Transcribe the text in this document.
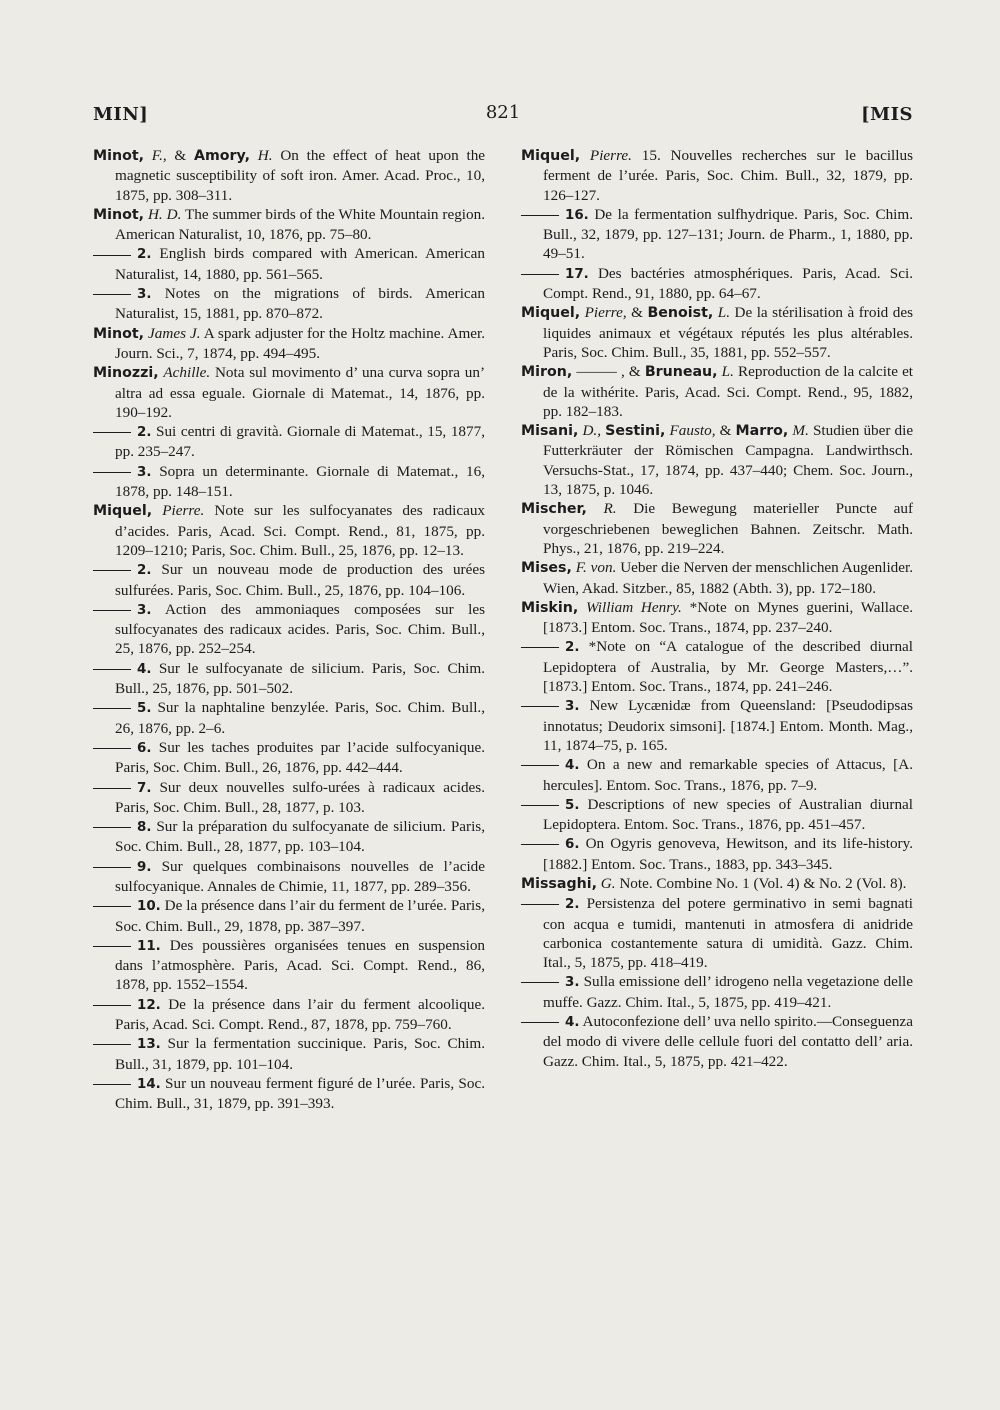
MIN]	821	[MIS

Minot, F., & Amory, H. On the effect of heat upon the magnetic susceptibility of soft iron. Amer. Acad. Proc., 10, 1875, pp. 308–311.

Minot, H. D. The summer birds of the White Mountain region. American Naturalist, 10, 1876, pp. 75–80.

2. English birds compared with American. American Naturalist, 14, 1880, pp. 561–565.

3. Notes on the migrations of birds. American Naturalist, 15, 1881, pp. 870–872.

Minot, James J. A spark adjuster for the Holtz machine. Amer. Journ. Sci., 7, 1874, pp. 494–495.

Minozzi, Achille. Nota sul movimento d’ una curva sopra un’ altra ad essa eguale. Giornale di Matemat., 14, 1876, pp. 190–192.

2. Sui centri di gravità. Giornale di Matemat., 15, 1877, pp. 235–247.

3. Sopra un determinante. Giornale di Matemat., 16, 1878, pp. 148–151.

Miquel, Pierre. Note sur les sulfocyanates des radicaux d’acides. Paris, Acad. Sci. Compt. Rend., 81, 1875, pp. 1209–1210; Paris, Soc. Chim. Bull., 25, 1876, pp. 12–13.

2. Sur un nouveau mode de production des urées sulfurées. Paris, Soc. Chim. Bull., 25, 1876, pp. 104–106.

3. Action des ammoniaques composées sur les sulfocyanates des radicaux acides. Paris, Soc. Chim. Bull., 25, 1876, pp. 252–254.

4. Sur le sulfocyanate de silicium. Paris, Soc. Chim. Bull., 25, 1876, pp. 501–502.

5. Sur la naphtaline benzylée. Paris, Soc. Chim. Bull., 26, 1876, pp. 2–6.

6. Sur les taches produites par l’acide sulfocyanique. Paris, Soc. Chim. Bull., 26, 1876, pp. 442–444.

7. Sur deux nouvelles sulfo-urées à radicaux acides. Paris, Soc. Chim. Bull., 28, 1877, p. 103.

8. Sur la préparation du sulfocyanate de silicium. Paris, Soc. Chim. Bull., 28, 1877, pp. 103–104.

9. Sur quelques combinaisons nouvelles de l’acide sulfocyanique. Annales de Chimie, 11, 1877, pp. 289–356.

10. De la présence dans l’air du ferment de l’urée. Paris, Soc. Chim. Bull., 29, 1878, pp. 387–397.

11. Des poussières organisées tenues en suspension dans l’atmosphère. Paris, Acad. Sci. Compt. Rend., 86, 1878, pp. 1552–1554.

12. De la présence dans l’air du ferment alcoolique. Paris, Acad. Sci. Compt. Rend., 87, 1878, pp. 759–760.

13. Sur la fermentation succinique. Paris, Soc. Chim. Bull., 31, 1879, pp. 101–104.

14. Sur un nouveau ferment figuré de l’urée. Paris, Soc. Chim. Bull., 31, 1879, pp. 391–393.

Miquel, Pierre. 15. Nouvelles recherches sur le bacillus ferment de l’urée. Paris, Soc. Chim. Bull., 32, 1879, pp. 126–127.

16. De la fermentation sulfhydrique. Paris, Soc. Chim. Bull., 32, 1879, pp. 127–131; Journ. de Pharm., 1, 1880, pp. 49–51.

17. Des bactéries atmosphériques. Paris, Acad. Sci. Compt. Rend., 91, 1880, pp. 64–67.

Miquel, Pierre, & Benoist, L. De la stérilisation à froid des liquides animaux et végétaux réputés les plus altérables. Paris, Soc. Chim. Bull., 35, 1881, pp. 552–557.

Miron, ——— , & Bruneau, L. Reproduction de la calcite et de la withérite. Paris, Acad. Sci. Compt. Rend., 95, 1882, pp. 182–183.

Misani, D., Sestini, Fausto, & Marro, M. Studien über die Futterkräuter der Römischen Campagna. Landwirthsch. Versuchs-Stat., 17, 1874, pp. 437–440; Chem. Soc. Journ., 13, 1875, p. 1046.

Mischer, R. Die Bewegung materieller Puncte auf vorgeschriebenen beweglichen Bahnen. Zeitschr. Math. Phys., 21, 1876, pp. 219–224.

Mises, F. von. Ueber die Nerven der menschlichen Augenlider. Wien, Akad. Sitzber., 85, 1882 (Abth. 3), pp. 172–180.

Miskin, William Henry. *Note on Mynes guerini, Wallace. [1873.] Entom. Soc. Trans., 1874, pp. 237–240.

2. *Note on “A catalogue of the described diurnal Lepidoptera of Australia, by Mr. George Masters,…”. [1873.] Entom. Soc. Trans., 1874, pp. 241–246.

3. New Lycænidæ from Queensland: [Pseudodipsas innotatus; Deudorix simsoni]. [1874.] Entom. Month. Mag., 11, 1874–75, p. 165.

4. On a new and remarkable species of Attacus, [A. hercules]. Entom. Soc. Trans., 1876, pp. 7–9.

5. Descriptions of new species of Australian diurnal Lepidoptera. Entom. Soc. Trans., 1876, pp. 451–457.

6. On Ogyris genoveva, Hewitson, and its life-history. [1882.] Entom. Soc. Trans., 1883, pp. 343–345.

Missaghi, G. Note. Combine No. 1 (Vol. 4) & No. 2 (Vol. 8).

2. Persistenza del potere germinativo in semi bagnati con acqua e tumidi, mantenuti in atmosfera di anidride carbonica costantemente satura di umidità. Gazz. Chim. Ital., 5, 1875, pp. 418–419.

3. Sulla emissione dell’ idrogeno nella vegetazione delle muffe. Gazz. Chim. Ital., 5, 1875, pp. 419–421.

4. Autoconfezione dell’ uva nello spirito.—Conseguenza del modo di vivere delle cellule fuori del contatto dell’ aria. Gazz. Chim. Ital., 5, 1875, pp. 421–422.
